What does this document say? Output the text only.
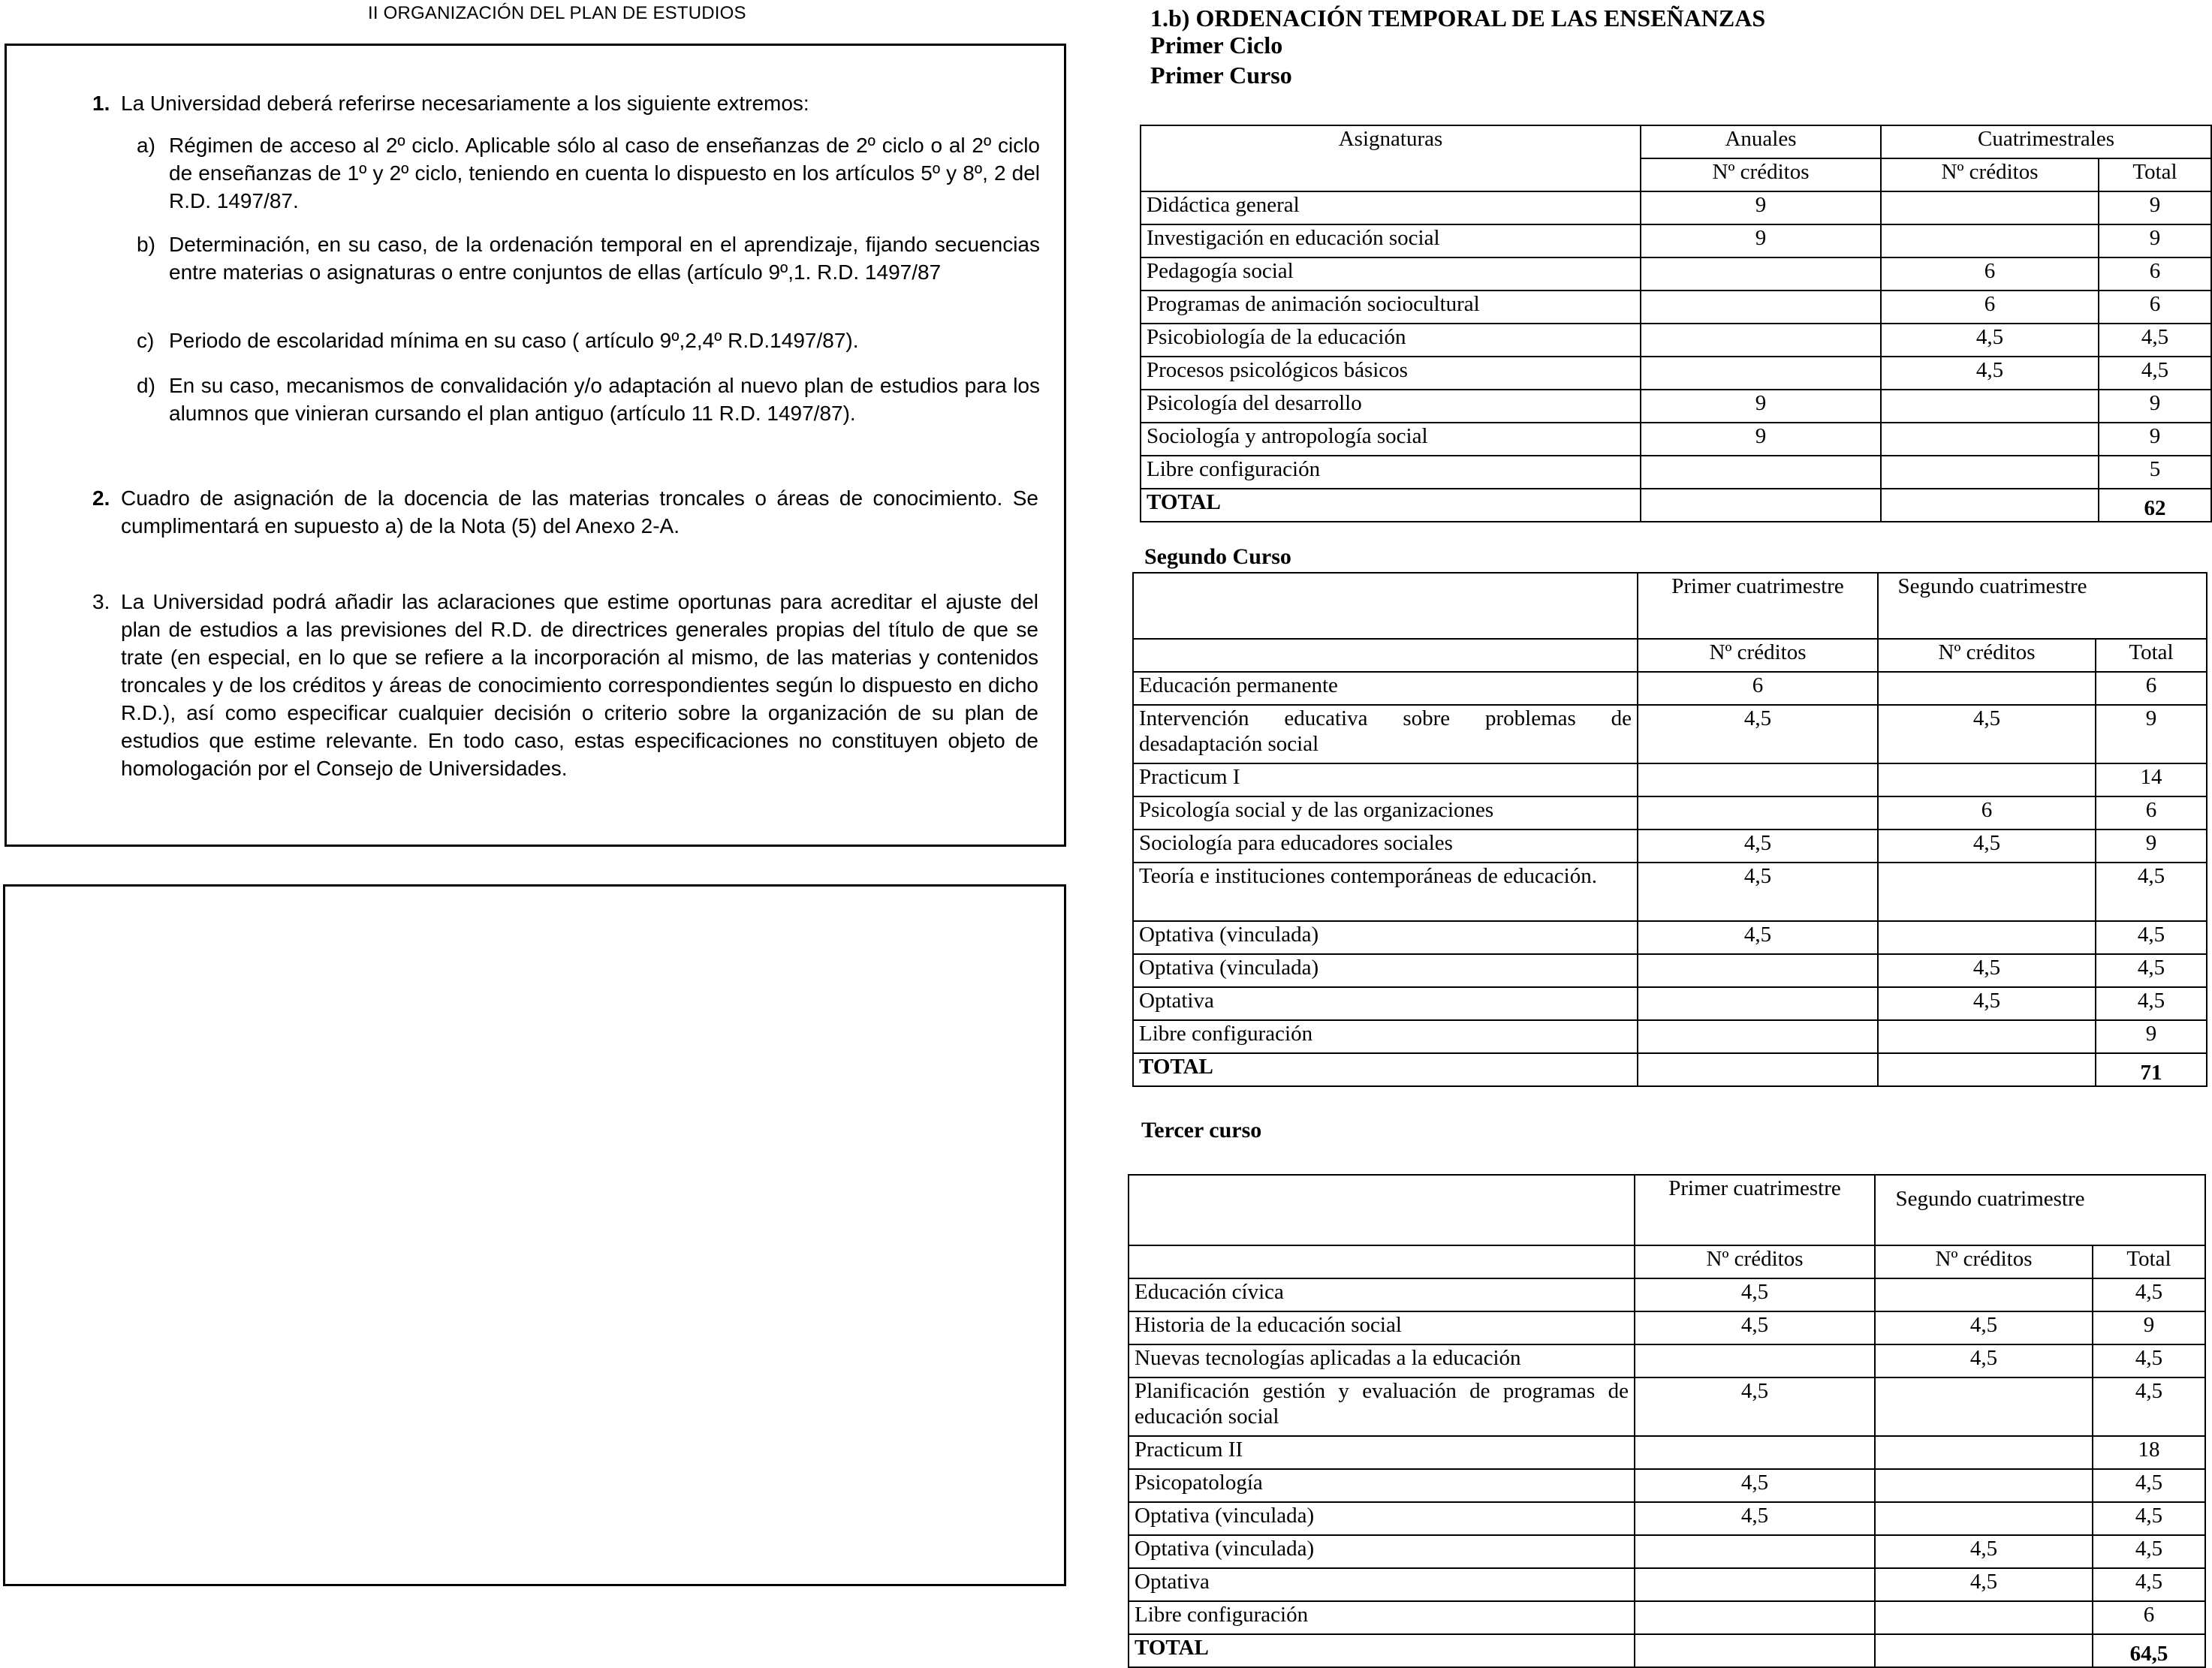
II ORGANIZACIÓN DEL PLAN DE ESTUDIOS
1. La Universidad deberá referirse necesariamente a los siguiente extremos:
a) Régimen de acceso al 2º ciclo. Aplicable sólo al caso de enseñanzas de 2º ciclo o al 2º ciclo de enseñanzas de 1º y 2º ciclo, teniendo en cuenta lo dispuesto en los artículos 5º y 8º, 2 del R.D. 1497/87.
b) Determinación, en su caso, de la ordenación temporal en el aprendizaje, fijando secuencias entre materias o asignaturas o entre conjuntos de ellas (artículo 9º,1. R.D. 1497/87
c) Periodo de escolaridad mínima en su caso ( artículo 9º,2,4º R.D.1497/87).
d) En su caso, mecanismos de convalidación y/o adaptación al nuevo plan de estudios para los alumnos que vinieran cursando el plan antiguo (artículo 11 R.D. 1497/87).
2. Cuadro de asignación de la docencia de las materias troncales o áreas de conocimiento. Se cumplimentará en supuesto a) de la Nota (5) del Anexo 2-A.
3. La Universidad podrá añadir las aclaraciones que estime oportunas para acreditar el ajuste del plan de estudios a las previsiones del R.D. de directrices generales propias del título de que se trate (en especial, en lo que se refiere a la incorporación al mismo, de las materias y contenidos troncales y de los créditos y áreas de conocimiento correspondientes según lo dispuesto en dicho R.D.), así como especificar cualquier decisión o criterio sobre la organización de su plan de estudios que estime relevante. En todo caso, estas especificaciones no constituyen objeto de homologación por el Consejo de Universidades.
1.b) ORDENACIÓN TEMPORAL DE LAS ENSEÑANZAS
Primer Ciclo
Primer Curso
Asignaturas	Anuales	Cuatrimestrales	
	Nº créditos	Nº créditos	Total
Didáctica general	9		9
Investigación en educación social	9		9
Pedagogía social		6	6
Programas de animación sociocultural		6	6
Psicobiología de la educación		4,5	4,5
Procesos psicológicos básicos		4,5	4,5
Psicología del desarrollo	9		9
Sociología y antropología social	9		9
Libre configuración			5
TOTAL			62
Segundo Curso
	Primer cuatrimestre	Segundo cuatrimestre	
	Nº créditos	Nº créditos	Total
Educación permanente	6		6
Intervención educativa sobre problemas de desadaptación social	4,5	4,5	9
Practicum I			14
Psicología social y de las organizaciones		6	6
Sociología para educadores sociales	4,5	4,5	9
Teoría e instituciones contemporáneas de educación.	4,5		4,5
Optativa (vinculada)	4,5		4,5
Optativa (vinculada)		4,5	4,5
Optativa		4,5	4,5
Libre configuración			9
TOTAL			71
Tercer curso
	Primer cuatrimestre	Segundo cuatrimestre	
	Nº créditos	Nº créditos	Total
Educación cívica	4,5		4,5
Historia de la educación social	4,5	4,5	9
Nuevas tecnologías aplicadas a la educación		4,5	4,5
Planificación gestión y evaluación de programas de educación social	4,5		4,5
Practicum II			18
Psicopatología	4,5		4,5
Optativa (vinculada)	4,5		4,5
Optativa (vinculada)		4,5	4,5
Optativa		4,5	4,5
Libre configuración			6
TOTAL			64,5
